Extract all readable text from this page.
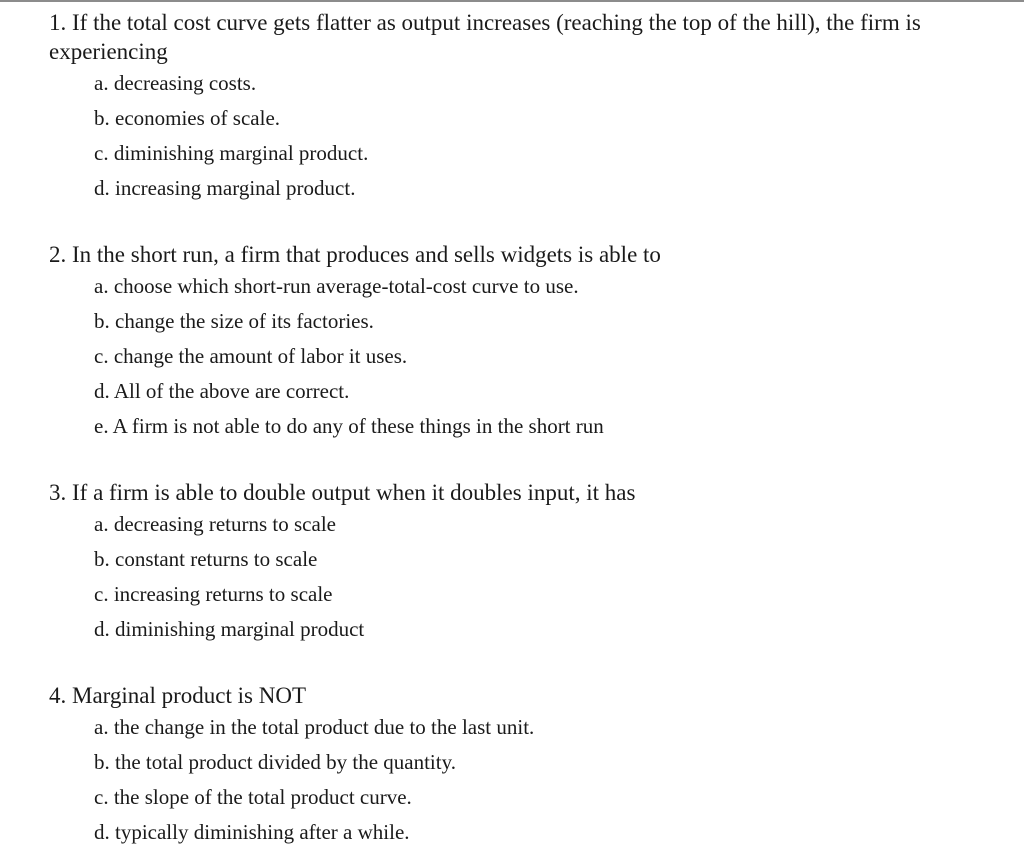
1. If the total cost curve gets flatter as output increases (reaching the top of the hill), the firm is experiencing

a. decreasing costs.
b. economies of scale.
c. diminishing marginal product.
d. increasing marginal product.

2. In the short run, a firm that produces and sells widgets is able to

a. choose which short-run average-total-cost curve to use.
b. change the size of its factories.
c. change the amount of labor it uses.
d. All of the above are correct.
e. A firm is not able to do any of these things in the short run

3. If a firm is able to double output when it doubles input, it has

a. decreasing returns to scale
b. constant returns to scale
c. increasing returns to scale
d. diminishing marginal product

4. Marginal product is NOT

a. the change in the total product due to the last unit.
b. the total product divided by the quantity.
c. the slope of the total product curve.
d. typically diminishing after a while.
